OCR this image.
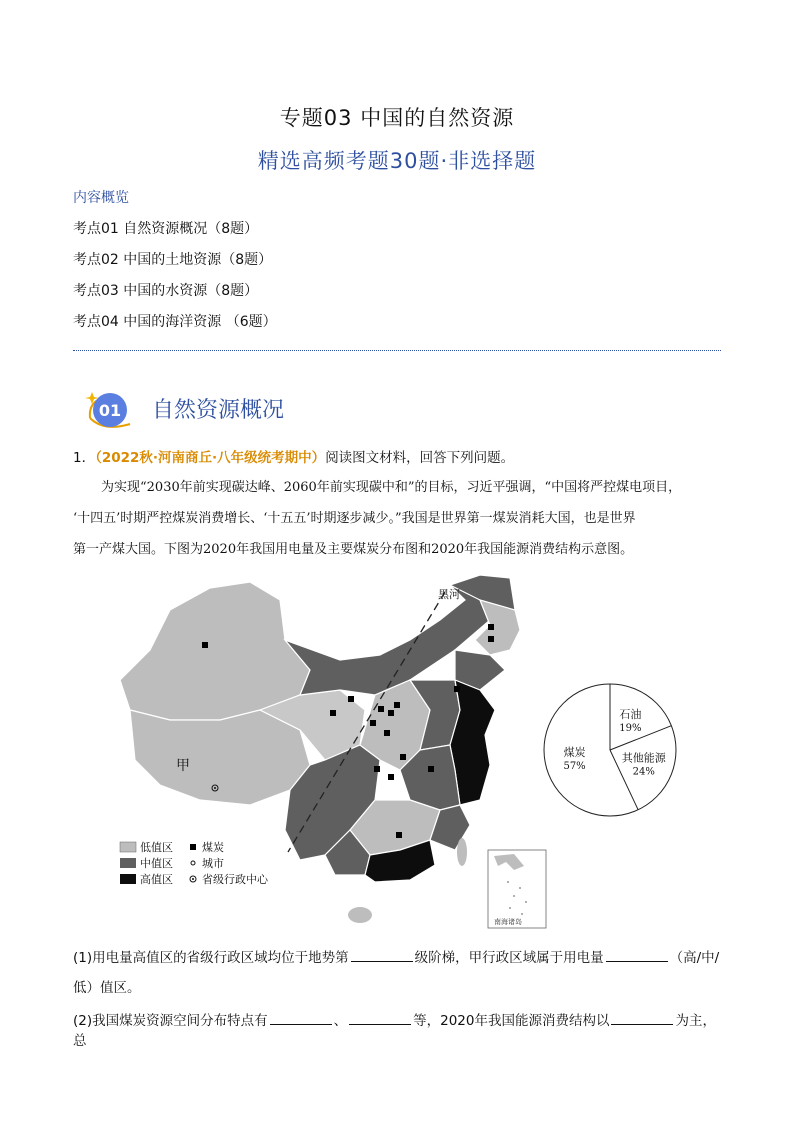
专题03 中国的自然资源
精选高频考题30题·非选择题
内容概览
考点01 自然资源概况（8题）
考点02 中国的土地资源（8题）
考点03 中国的水资源（8题）
考点04 中国的海洋资源 （6题）
01 自然资源概况
1．（2022秋·河南商丘·八年级统考期中）阅读图文材料，回答下列问题。
为实现“2030年前实现碳达峰、2060年前实现碳中和”的目标，习近平强调，“中国将严控煤电项目，
‘十四五’时期严控煤炭消费增长、‘十五五’时期逐步减少。”我国是世界第一煤炭消耗大国，也是世界
第一产煤大国。下图为2020年我国用电量及主要煤炭分布图和2020年我国能源消费结构示意图。
黑河
甲
腾冲
南海诸岛
低值区	煤炭
中值区	城市
高值区	省级行政中心
煤炭
57%
石油
19%
其他能源
24%
(1)用电量高值区的省级行政区域均位于地势第	级阶梯，甲行政区域属于用电量	（高/中/
低）值区。
(2)我国煤炭资源空间分布特点有	、	等，2020年我国能源消费结构以	为主，总
